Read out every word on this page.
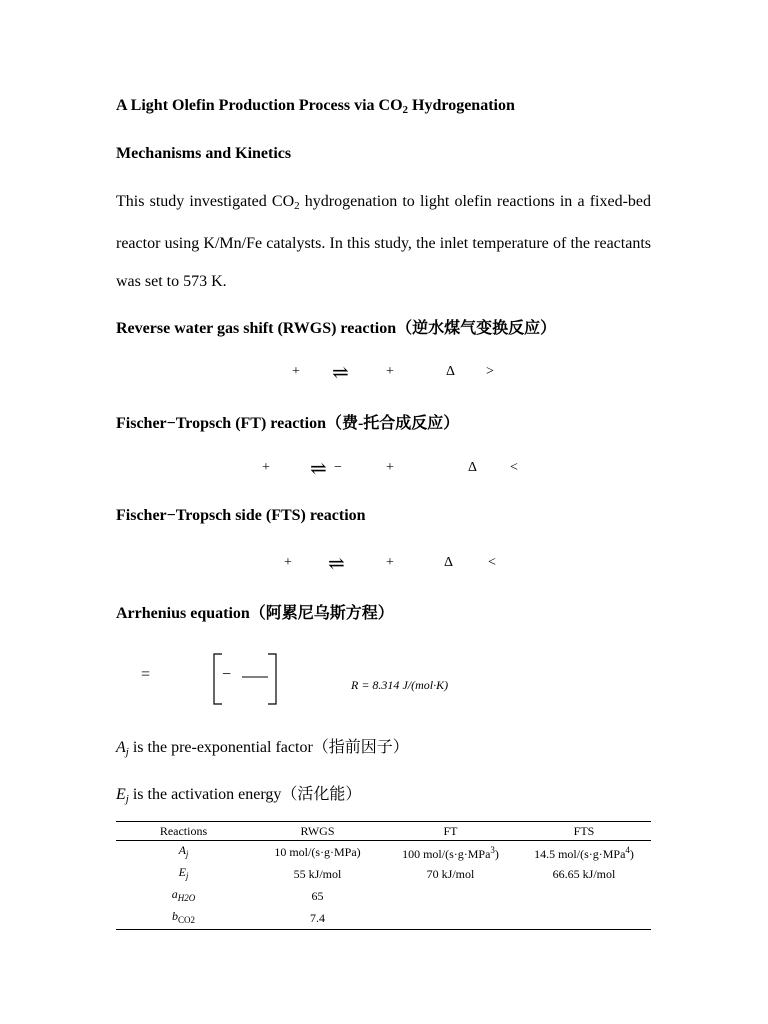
A Light Olefin Production Process via $CO_2$ Hydrogenation
Mechanisms and Kinetics
This study investigated $CO_2$ hydrogenation to light olefin reactions in a fixed-bed reactor using K/Mn/Fe catalysts. In this study, the inlet temperature of the reactants was set to 573 K.
Reverse water gas shift (RWGS) reaction（逆水煤气变换反应）
+ ⇌	+	Δ >
Fischer−Tropsch (FT) reaction（费-托合成反应）
+ ⇌ −	+	Δ <
Fischer−Tropsch side (FTS) reaction
+ ⇌	+	Δ <
Arrhenius equation（阿累尼乌斯方程）
=	−
R = 8.314 J/(mol·K)
$A_j$ is the pre-exponential factor（指前因子）
$E_j$ is the activation energy（活化能）
Reactions	RWGS	FT	FTS
$A_j$	10 mol/(s·g·MPa)	100 mol/(s·g·MPa$^3$)	14.5 mol/(s·g·MPa$^4$)
$E_j$	55 kJ/mol	70 kJ/mol	66.65 kJ/mol
$a_{H2O}$	65		
$b_{CO2}$	7.4		
